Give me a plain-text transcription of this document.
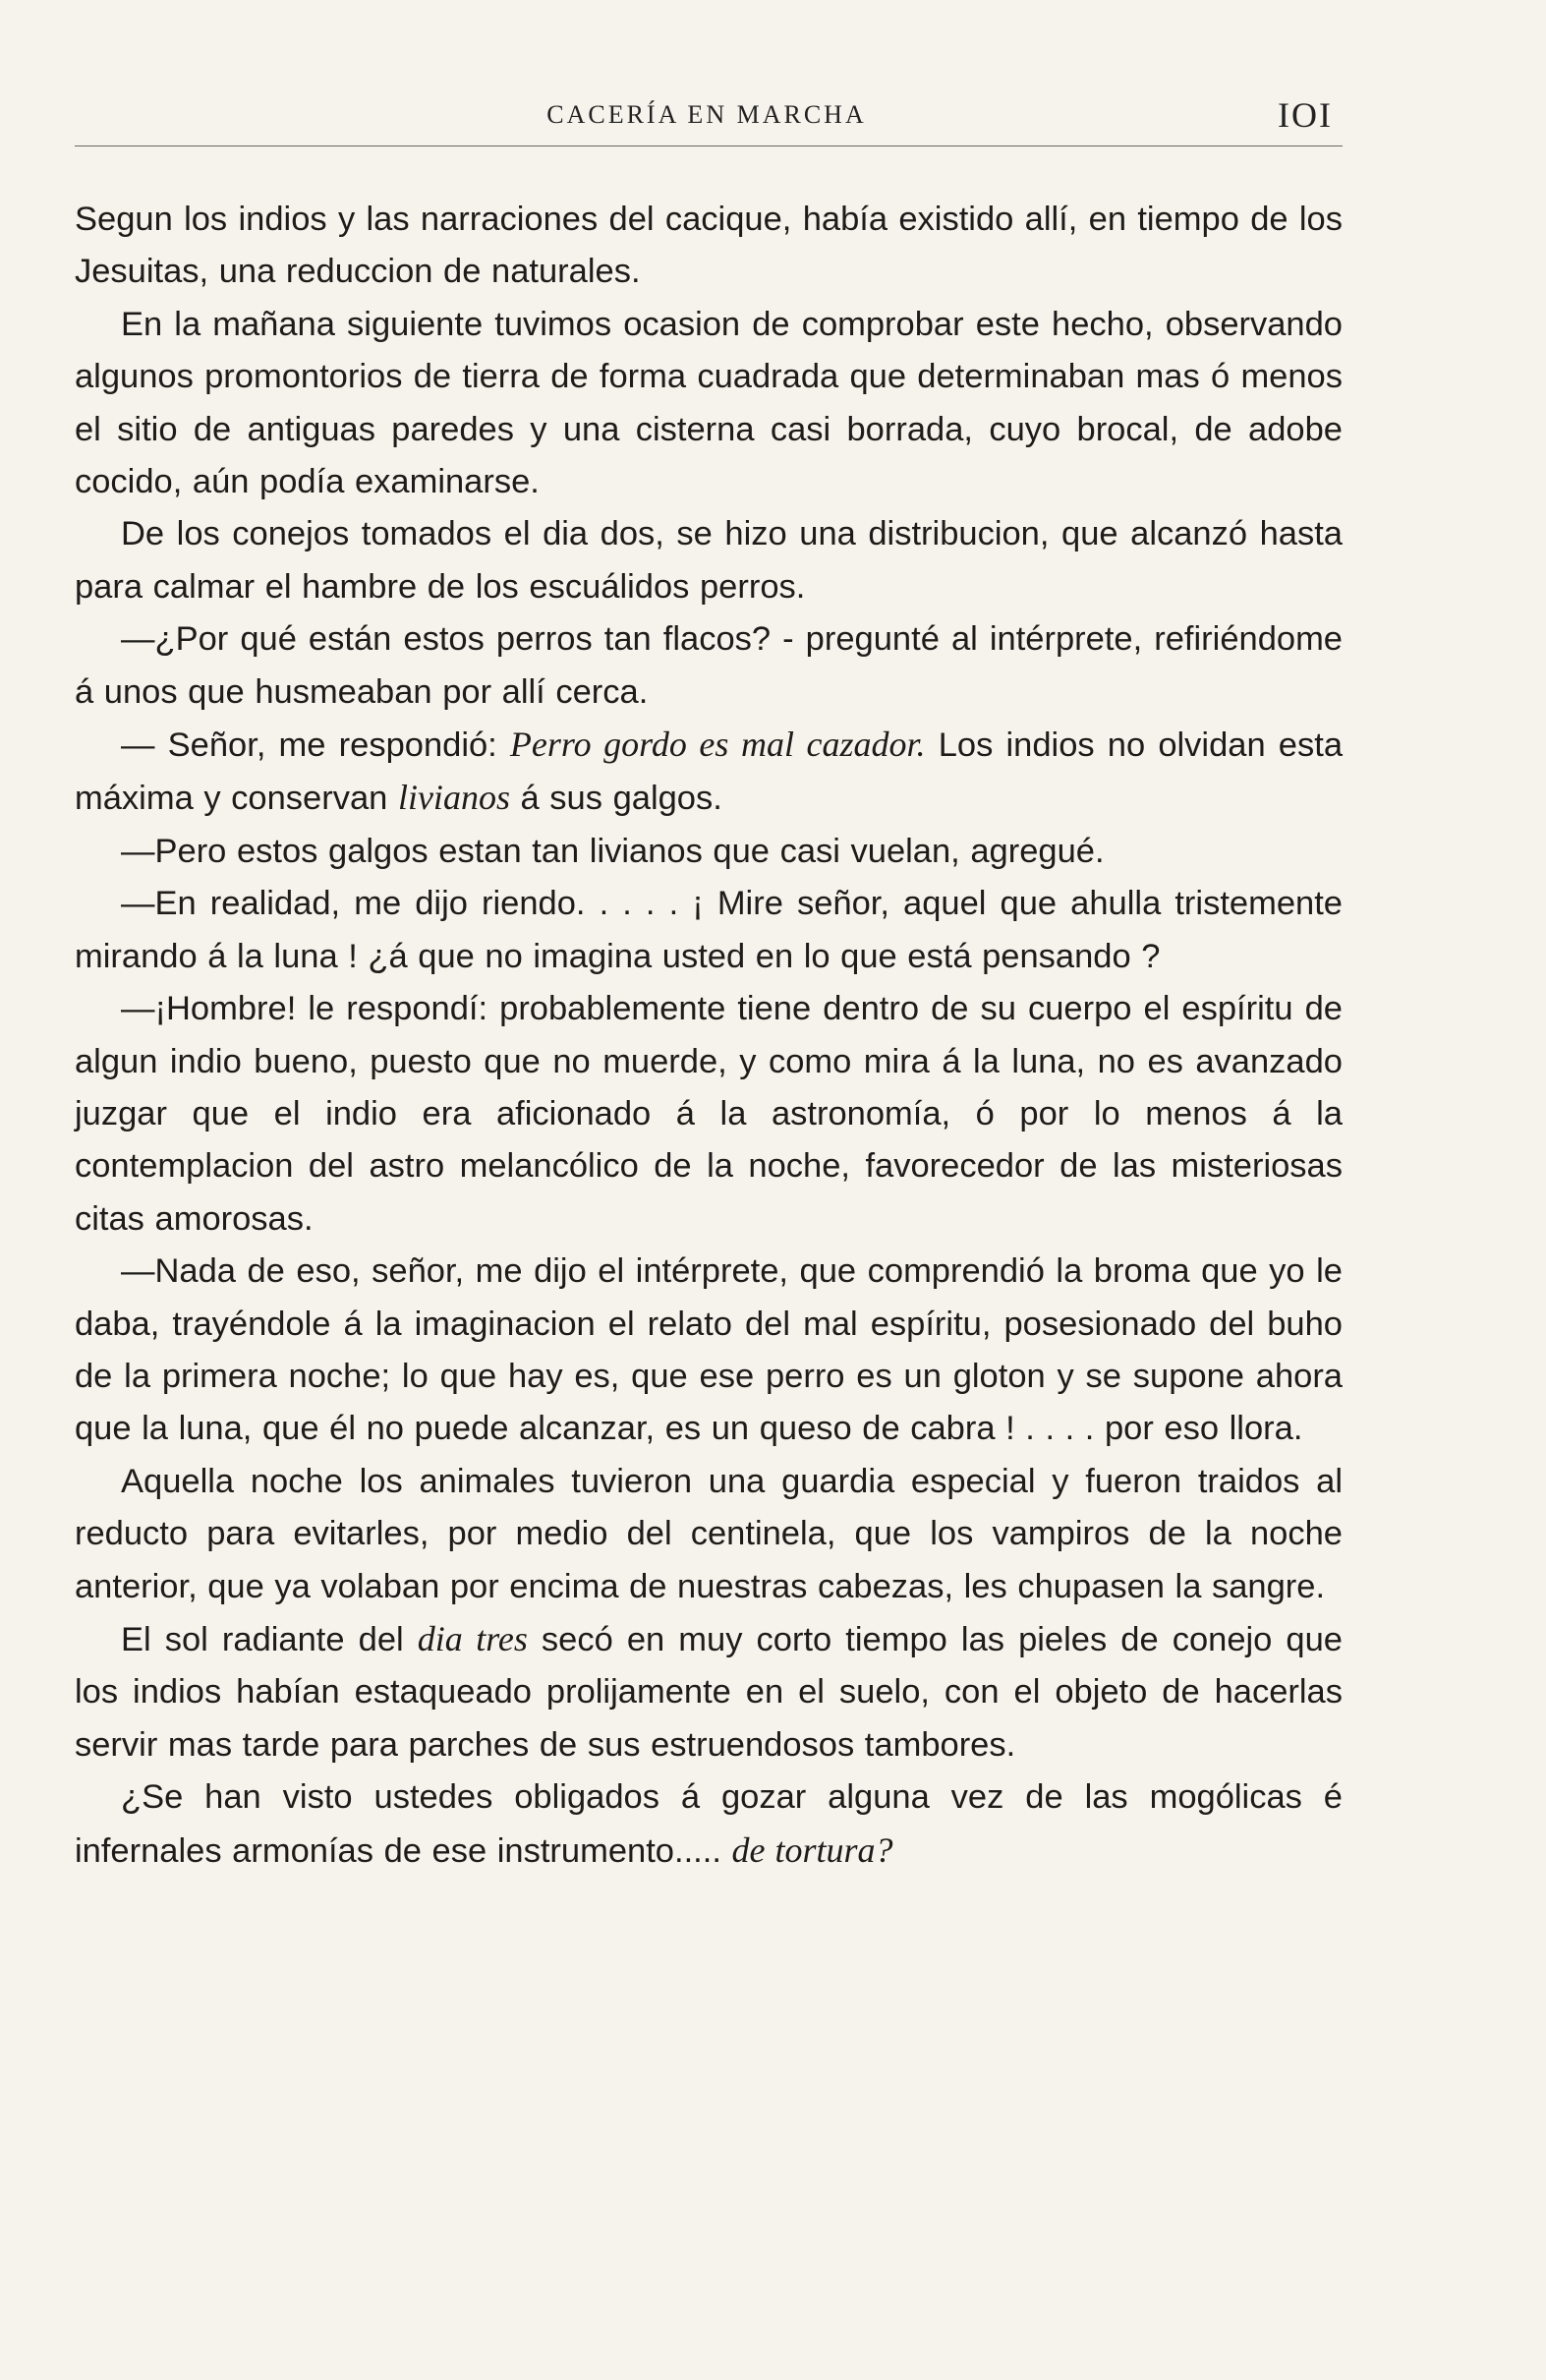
CACERÍA EN MARCHA	IOI

Segun los indios y las narraciones del cacique, había existido allí, en tiempo de los Jesuitas, una reduccion de naturales.

En la mañana siguiente tuvimos ocasion de comprobar este hecho, observando algunos promontorios de tierra de forma cuadrada que determinaban mas ó menos el sitio de antiguas paredes y una cisterna casi borrada, cuyo brocal, de adobe cocido, aún podía examinarse.

De los conejos tomados el dia dos, se hizo una distribucion, que alcanzó hasta para calmar el hambre de los escuálidos perros.

—¿Por qué están estos perros tan flacos? - pregunté al intérprete, refiriéndome á unos que husmeaban por allí cerca.

— Señor, me respondió: Perro gordo es mal cazador. Los indios no olvidan esta máxima y conservan livianos á sus galgos.

—Pero estos galgos estan tan livianos que casi vuelan, agregué.

—En realidad, me dijo riendo. . . . . ¡ Mire señor, aquel que ahulla tristemente mirando á la luna ! ¿á que no imagina usted en lo que está pensando ?

—¡Hombre! le respondí: probablemente tiene dentro de su cuerpo el espíritu de algun indio bueno, puesto que no muerde, y como mira á la luna, no es avanzado juzgar que el indio era aficionado á la astronomía, ó por lo menos á la contemplacion del astro melancólico de la noche, favorecedor de las misteriosas citas amorosas.

—Nada de eso, señor, me dijo el intérprete, que comprendió la broma que yo le daba, trayéndole á la imaginacion el relato del mal espíritu, posesionado del buho de la primera noche; lo que hay es, que ese perro es un gloton y se supone ahora que la luna, que él no puede alcanzar, es un queso de cabra ! . . . . por eso llora.

Aquella noche los animales tuvieron una guardia especial y fueron traidos al reducto para evitarles, por medio del centinela, que los vampiros de la noche anterior, que ya volaban por encima de nuestras cabezas, les chupasen la sangre.

El sol radiante del dia tres secó en muy corto tiempo las pieles de conejo que los indios habían estaqueado prolijamente en el suelo, con el objeto de hacerlas servir mas tarde para parches de sus estruendosos tambores.

¿Se han visto ustedes obligados á gozar alguna vez de las mogólicas é infernales armonías de ese instrumento..... de tortura?
